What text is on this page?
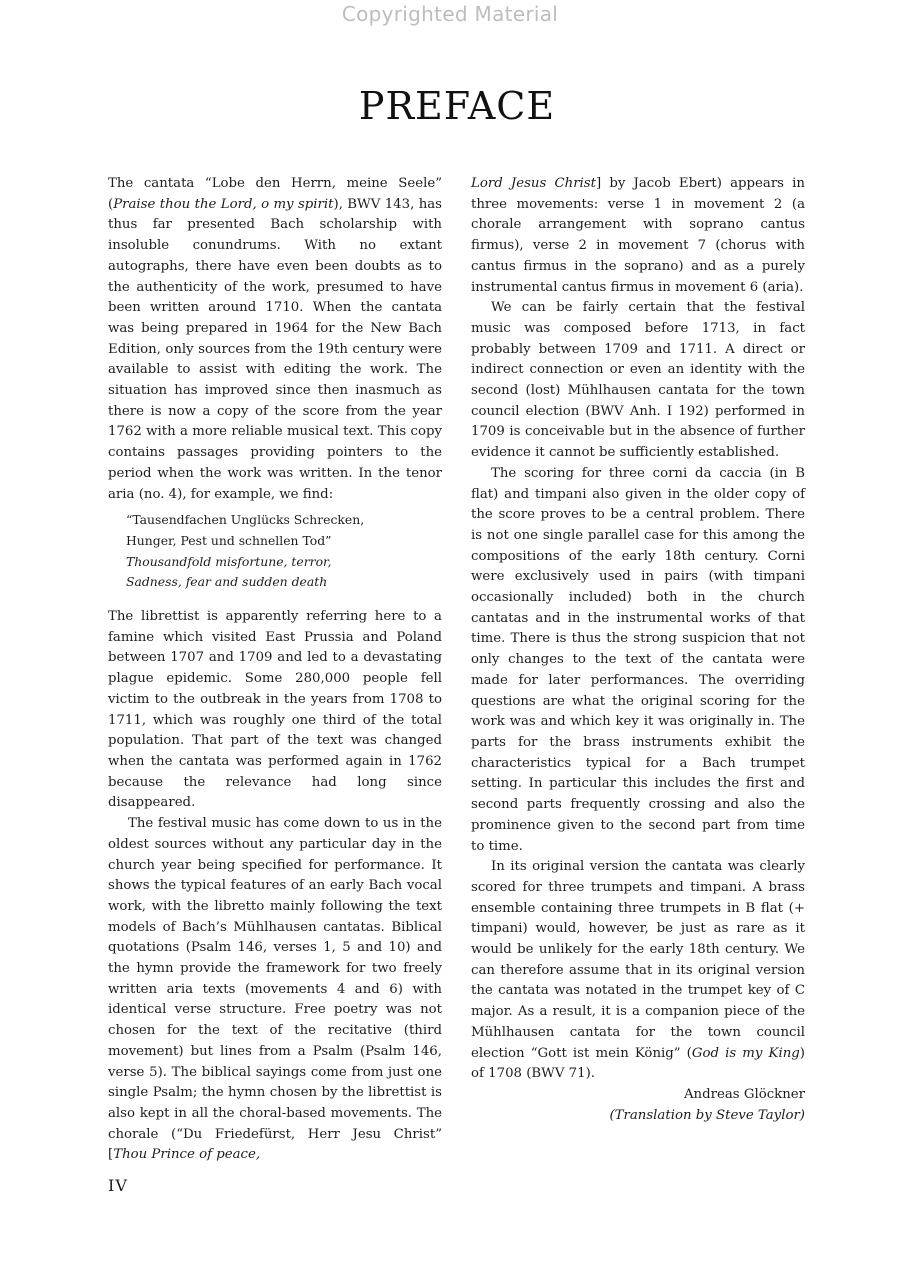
Copyrighted Material
PREFACE

The cantata “Lobe den Herrn, meine Seele” (Praise thou the Lord, o my spirit), BWV 143, has thus far presented Bach scholarship with insoluble conundrums. With no extant autographs, there have even been doubts as to the authenticity of the work, presumed to have been written around 1710. When the cantata was being prepared in 1964 for the New Bach Edition, only sources from the 19th century were available to assist with editing the work. The situation has improved since then inasmuch as there is now a copy of the score from the year 1762 with a more reliable musical text. This copy contains passages providing pointers to the period when the work was written. In the tenor aria (no. 4), for example, we find:

“Tausendfachen Unglücks Schrecken,
Hunger, Pest und schnellen Tod”
Thousandfold misfortune, terror,
Sadness, fear and sudden death

The librettist is apparently referring here to a famine which visited East Prussia and Poland between 1707 and 1709 and led to a devastating plague epidemic. Some 280,000 people fell victim to the outbreak in the years from 1708 to 1711, which was roughly one third of the total population. That part of the text was changed when the cantata was performed again in 1762 because the relevance had long since disappeared.

The festival music has come down to us in the oldest sources without any particular day in the church year being specified for performance. It shows the typical features of an early Bach vocal work, with the libretto mainly following the text models of Bach’s Mühlhausen cantatas. Biblical quotations (Psalm 146, verses 1, 5 and 10) and the hymn provide the framework for two freely written aria texts (movements 4 and 6) with identical verse structure. Free poetry was not chosen for the text of the recitative (third movement) but lines from a Psalm (Psalm 146, verse 5). The biblical sayings come from just one single Psalm; the hymn chosen by the librettist is also kept in all the choral-based movements. The chorale (“Du Friedefürst, Herr Jesu Christ” [Thou Prince of peace,

Lord Jesus Christ] by Jacob Ebert) appears in three movements: verse 1 in movement 2 (a chorale arrangement with soprano cantus firmus), verse 2 in movement 7 (chorus with cantus firmus in the soprano) and as a purely instrumental cantus firmus in movement 6 (aria).

We can be fairly certain that the festival music was composed before 1713, in fact probably between 1709 and 1711. A direct or indirect connection or even an identity with the second (lost) Mühlhausen cantata for the town council election (BWV Anh. I 192) performed in 1709 is conceivable but in the absence of further evidence it cannot be sufficiently established.

The scoring for three corni da caccia (in B flat) and timpani also given in the older copy of the score proves to be a central problem. There is not one single parallel case for this among the compositions of the early 18th century. Corni were exclusively used in pairs (with timpani occasionally included) both in the church cantatas and in the instrumental works of that time. There is thus the strong suspicion that not only changes to the text of the cantata were made for later performances. The overriding questions are what the original scoring for the work was and which key it was originally in. The parts for the brass instruments exhibit the characteristics typical for a Bach trumpet setting. In particular this includes the first and second parts frequently crossing and also the prominence given to the second part from time to time.

In its original version the cantata was clearly scored for three trumpets and timpani. A brass ensemble containing three trumpets in B flat (+ timpani) would, however, be just as rare as it would be unlikely for the early 18th century. We can therefore assume that in its original version the cantata was notated in the trumpet key of C major. As a result, it is a companion piece of the Mühlhausen cantata for the town council election “Gott ist mein König” (God is my King) of 1708 (BWV 71).

Andreas Glöckner
(Translation by Steve Taylor)
IV
